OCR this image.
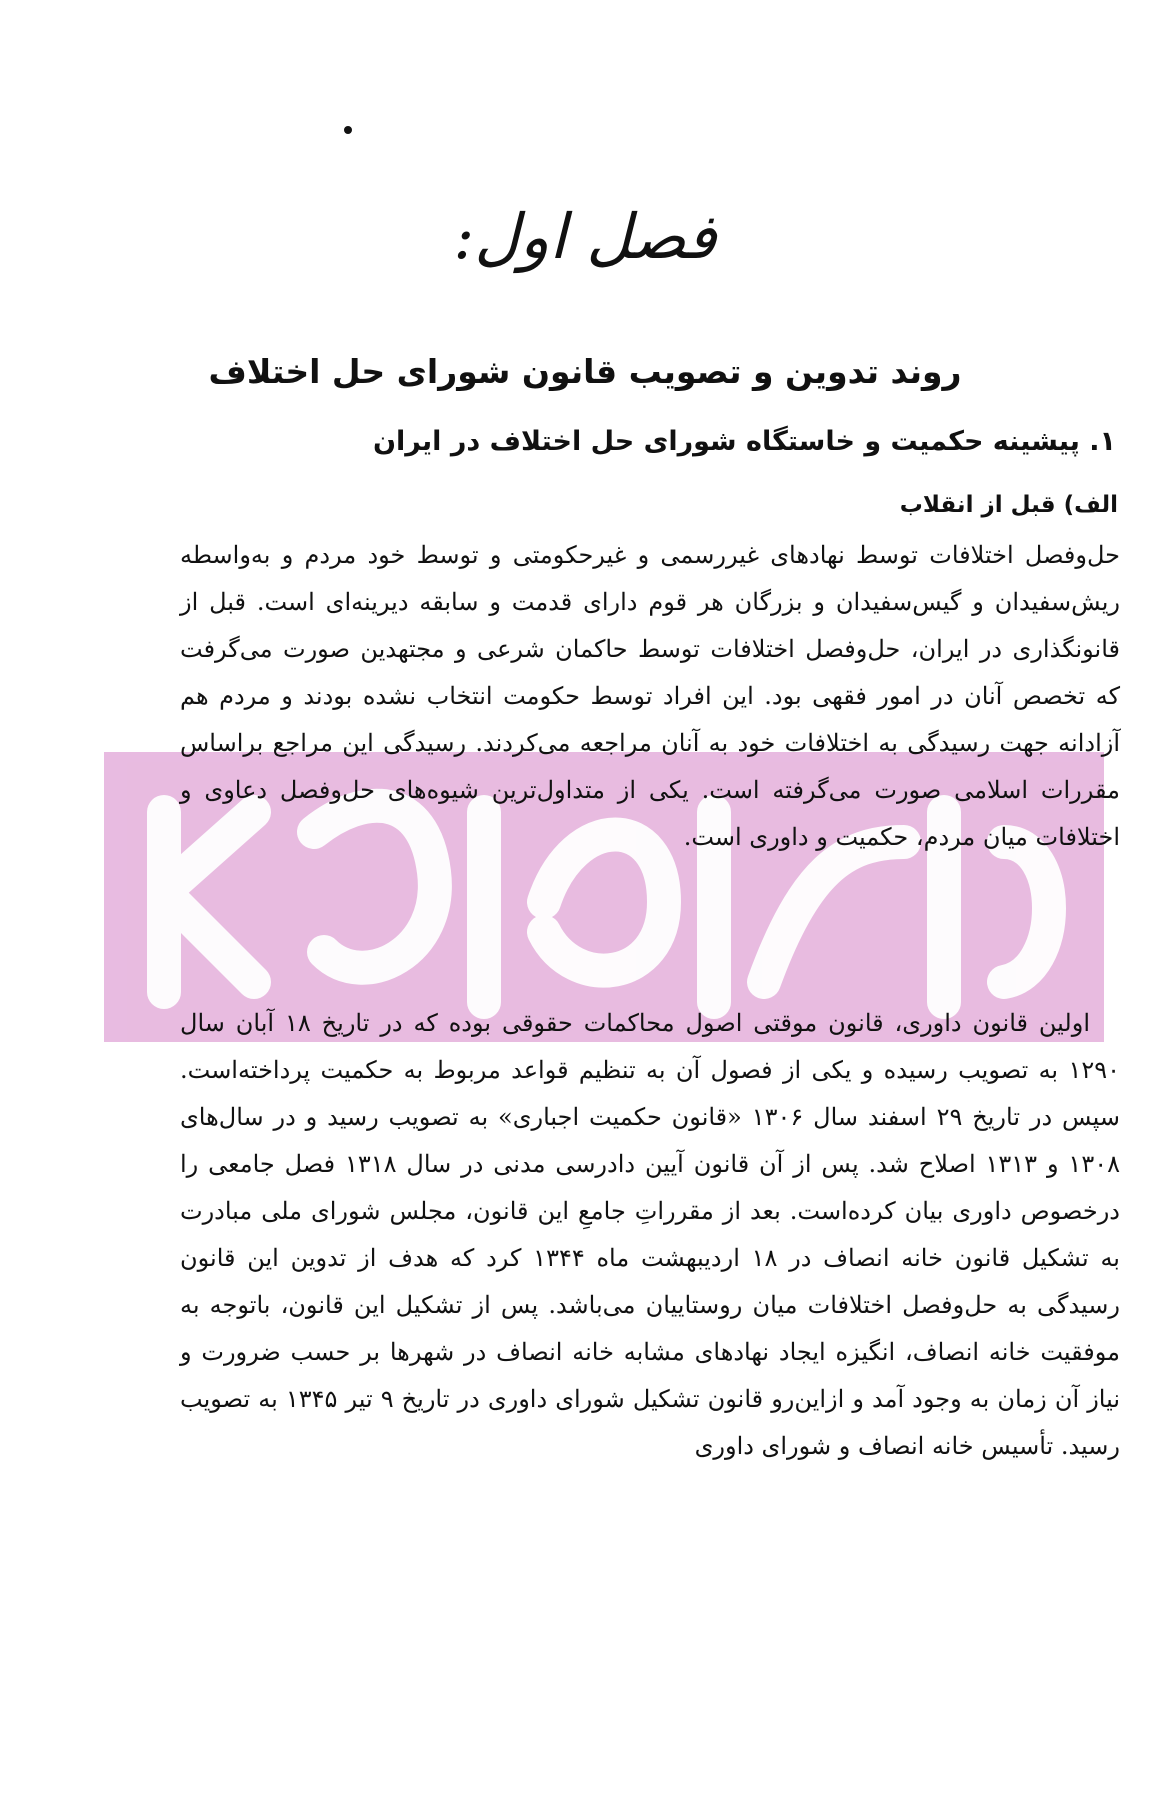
فصل اول:
روند تدوین و تصویب قانون شورای حل اختلاف
۱. پیشینه حکمیت و خاستگاه شورای حل اختلاف در ایران
الف) قبل از انقلاب

حل‌وفصل اختلافات توسط نهادهای غیررسمی و غیرحکومتی و توسط خود مردم و به‌واسطه ریش‌سفیدان و گیس‌سفیدان و بزرگان هر قوم دارای قدمت و سابقه دیرینه‌ای است. قبل از قانونگذاری در ایران، حل‌وفصل اختلافات توسط حاکمان شرعی و مجتهدین صورت می‌گرفت که تخصص آنان در امور فقهی بود. این افراد توسط حکومت انتخاب نشده بودند و مردم هم آزادانه جهت رسیدگی به اختلافات خود به آنان مراجعه می‌کردند. رسیدگی این مراجع براساس مقررات اسلامی صورت می‌گرفته است. یکی از متداول‌ترین شیوه‌های حل‌وفصل دعاوی و اختلافات میان مردم، حکمیت و داوری است.

اولین قانون داوری، قانون موقتی اصول محاکمات حقوقی بوده که در تاریخ ۱۸ آبان سال ۱۲۹۰ به تصویب رسیده و یکی از فصول آن به تنظیم قواعد مربوط به حکمیت پرداخته‌است. سپس در تاریخ ۲۹ اسفند سال ۱۳۰۶ «قانون حکمیت اجباری» به تصویب رسید و در سال‌های ۱۳۰۸ و ۱۳۱۳ اصلاح شد. پس از آن قانون آیین دادرسی مدنی در سال ۱۳۱۸ فصل جامعی را درخصوص داوری بیان کرده‌است. بعد از مقرراتِ جامعِ این قانون، مجلس شورای ملی مبادرت به تشکیل قانون خانه انصاف در ۱۸ اردیبهشت ماه ۱۳۴۴ کرد که هدف از تدوین این قانون رسیدگی به حل‌وفصل اختلافات میان روستاییان می‌باشد. پس از تشکیل این قانون، باتوجه به موفقیت خانه انصاف، انگیزه ایجاد نهادهای مشابه خانه انصاف در شهرها بر حسب ضرورت و نیاز آن زمان به وجود آمد و ازاین‌رو قانون تشکیل شورای داوری در تاریخ ۹ تیر ۱۳۴۵ به تصویب رسید. تأسیس خانه انصاف و شورای داوری
